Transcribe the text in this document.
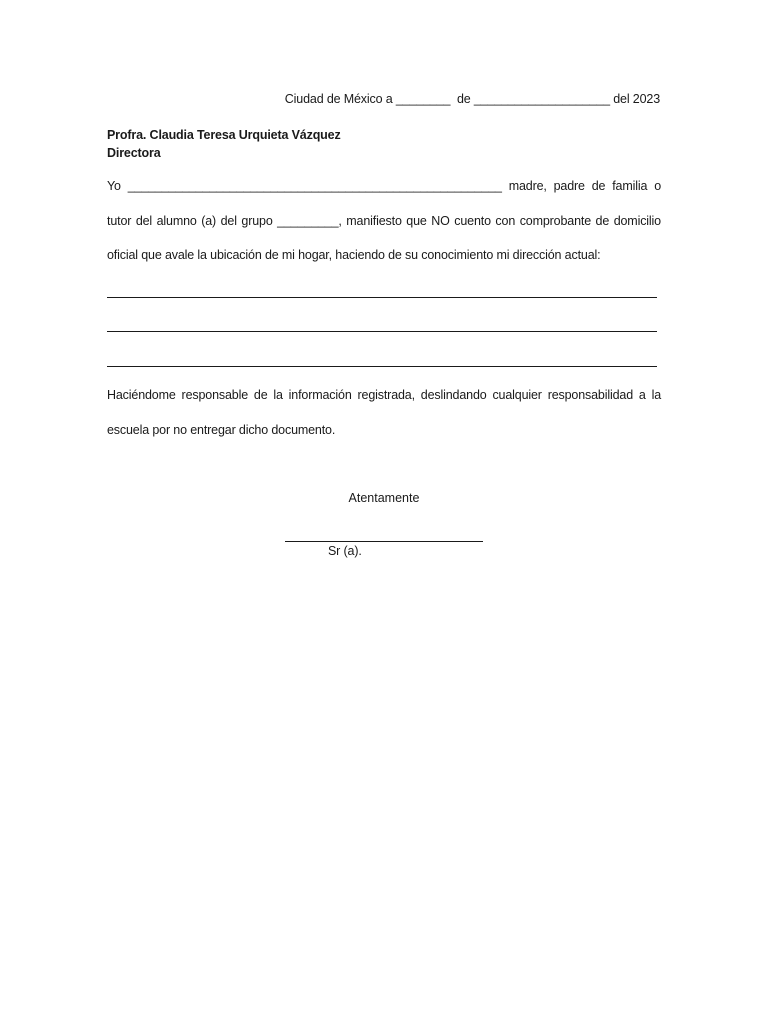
Ciudad de México a ________  de ____________________ del 2023
Profra. Claudia Teresa Urquieta Vázquez
Directora
Yo _______________________________________________________ madre, padre de familia o
tutor del alumno (a) del grupo _________, manifiesto que NO cuento con comprobante de domicilio
oficial que avale la ubicación de mi hogar, haciendo de su conocimiento mi dirección actual:
Haciéndome responsable de la información registrada, deslindando cualquier responsabilidad a la
escuela por no entregar dicho documento.
Atentamente
Sr (a).
